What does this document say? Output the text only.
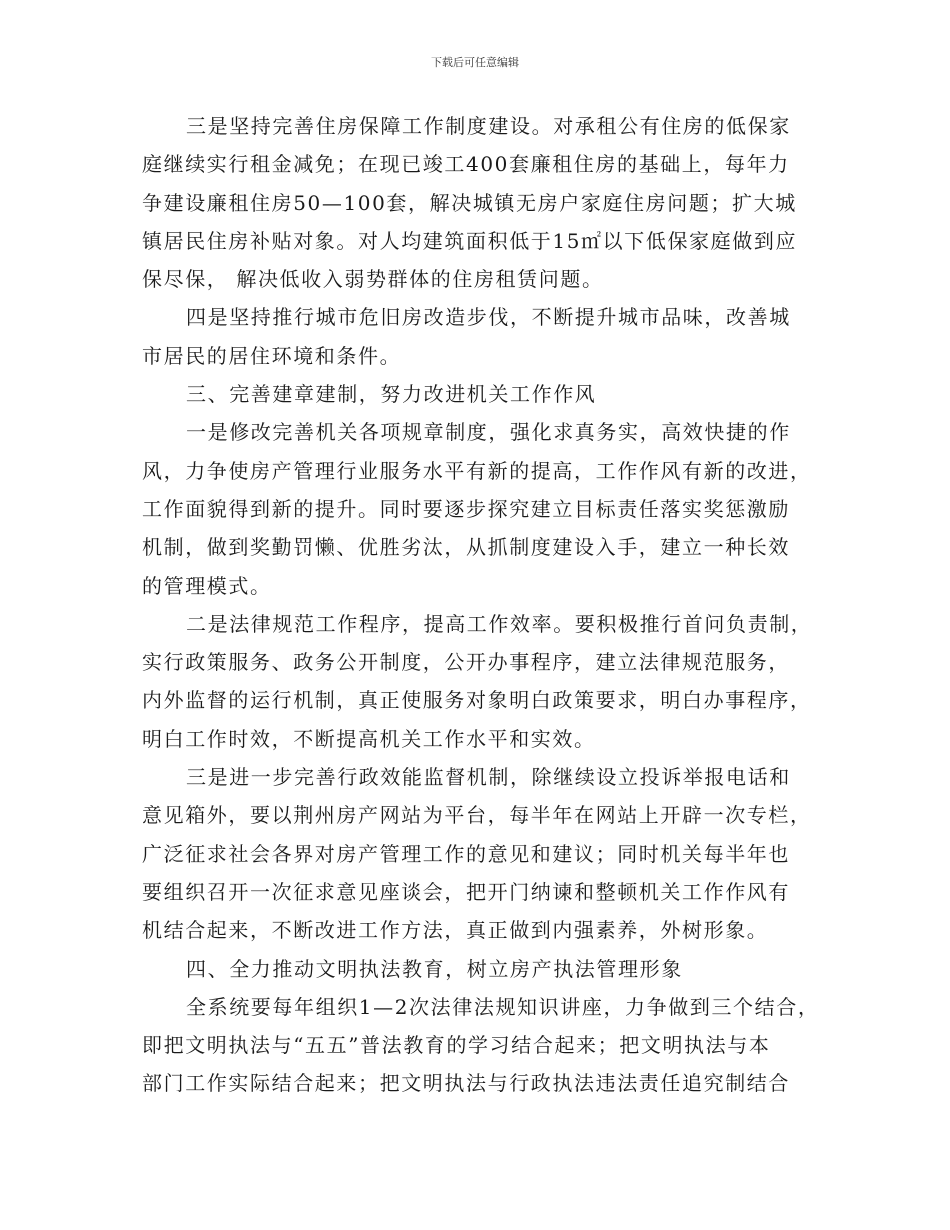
下载后可任意编辑
三是坚持完善住房保障工作制度建设。对承租公有住房的低保家
庭继续实行租金减免；在现已竣工400套廉租住房的基础上，每年力
争建设廉租住房50—100套，解决城镇无房户家庭住房问题；扩大城
镇居民住房补贴对象。对人均建筑面积低于15㎡以下低保家庭做到应
保尽保， 解决低收入弱势群体的住房租赁问题。
四是坚持推行城市危旧房改造步伐，不断提升城市品味，改善城
市居民的居住环境和条件。
三、完善建章建制，努力改进机关工作作风
一是修改完善机关各项规章制度，强化求真务实，高效快捷的作
风，力争使房产管理行业服务水平有新的提高，工作作风有新的改进，
工作面貌得到新的提升。同时要逐步探究建立目标责任落实奖惩激励
机制，做到奖勤罚懒、优胜劣汰，从抓制度建设入手，建立一种长效
的管理模式。
二是法律规范工作程序，提高工作效率。要积极推行首问负责制，
实行政策服务、政务公开制度，公开办事程序，建立法律规范服务，
内外监督的运行机制，真正使服务对象明白政策要求，明白办事程序，
明白工作时效，不断提高机关工作水平和实效。
三是进一步完善行政效能监督机制，除继续设立投诉举报电话和
意见箱外，要以荆州房产网站为平台，每半年在网站上开辟一次专栏，
广泛征求社会各界对房产管理工作的意见和建议；同时机关每半年也
要组织召开一次征求意见座谈会，把开门纳谏和整顿机关工作作风有
机结合起来，不断改进工作方法，真正做到内强素养，外树形象。
四、全力推动文明执法教育，树立房产执法管理形象
全系统要每年组织1—2次法律法规知识讲座，力争做到三个结合，
即把文明执法与“五五”普法教育的学习结合起来；把文明执法与本
部门工作实际结合起来；把文明执法与行政执法违法责任追究制结合
